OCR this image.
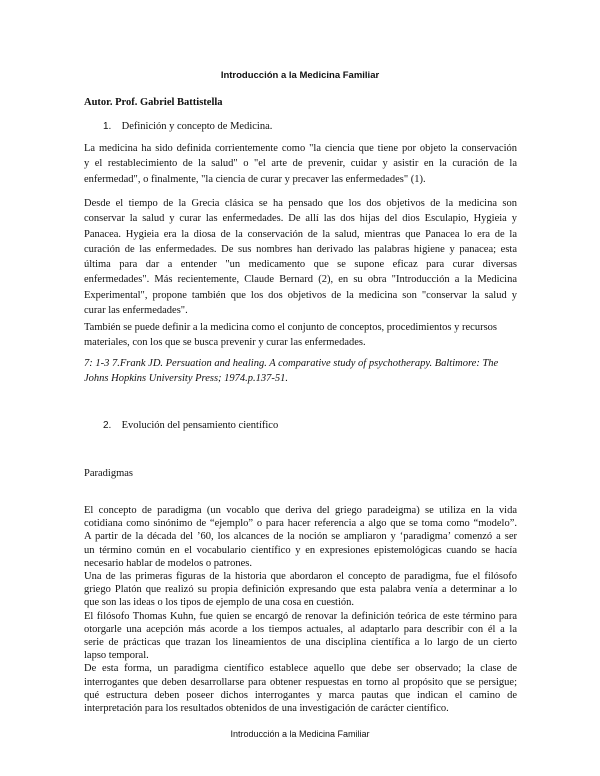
Introducción a la Medicina Familiar
Autor. Prof. Gabriel Battistella
1. Definición y concepto de Medicina.
La medicina ha sido definida corrientemente como "la ciencia que tiene por objeto la conservación
y el restablecimiento de la salud" o "el arte de prevenir, cuidar y asistir en la curación de la
enfermedad", o finalmente, "la ciencia de curar y precaver las enfermedades" (1).
Desde el tiempo de la Grecia clásica se ha pensado que los dos objetivos de la medicina son
conservar la salud y curar las enfermedades. De allí las dos hijas del dios Esculapio, Hygieia y
Panacea. Hygieia era la diosa de la conservación de la salud, mientras que Panacea lo era de la
curación de las enfermedades. De sus nombres han derivado las palabras higiene y panacea; esta
última para dar a entender "un medicamento que se supone eficaz para curar diversas
enfermedades". Más recientemente, Claude Bernard (2), en su obra "Introducción a la Medicina
Experimental", propone también que los dos objetivos de la medicina son "conservar la salud y
curar las enfermedades".
También se puede definir a la medicina como el conjunto de conceptos, procedimientos y recursos
materiales, con los que se busca prevenir y curar las enfermedades.
7: 1-3 7.Frank JD. Persuation and healing. A comparative study of psychotherapy. Baltimore: The
Johns Hopkins University Press; 1974.p.137-51.
2. Evolución del pensamiento científico
Paradigmas
El concepto de paradigma (un vocablo que deriva del griego paradeigma) se utiliza en la vida
cotidiana como sinónimo de “ejemplo” o para hacer referencia a algo que se toma como “modelo”.
A partir de la década del ’60, los alcances de la noción se ampliaron y ‘paradigma’ comenzó a ser
un término común en el vocabulario científico y en expresiones epistemológicas cuando se hacía
necesario hablar de modelos o patrones.
Una de las primeras figuras de la historia que abordaron el concepto de paradigma, fue el filósofo
griego Platón que realizó su propia definición expresando que esta palabra venía a determinar a lo
que son las ideas o los tipos de ejemplo de una cosa en cuestión.
El filósofo Thomas Kuhn, fue quien se encargó de renovar la definición teórica de este término para
otorgarle una acepción más acorde a los tiempos actuales, al adaptarlo para describir con él a la
serie de prácticas que trazan los lineamientos de una disciplina científica a lo largo de un cierto
lapso temporal.
De esta forma, un paradigma científico establece aquello que debe ser observado; la clase de
interrogantes que deben desarrollarse para obtener respuestas en torno al propósito que se persigue;
qué estructura deben poseer dichos interrogantes y marca pautas que indican el camino de
interpretación para los resultados obtenidos de una investigación de carácter científico.
Introducción a la Medicina Familiar
